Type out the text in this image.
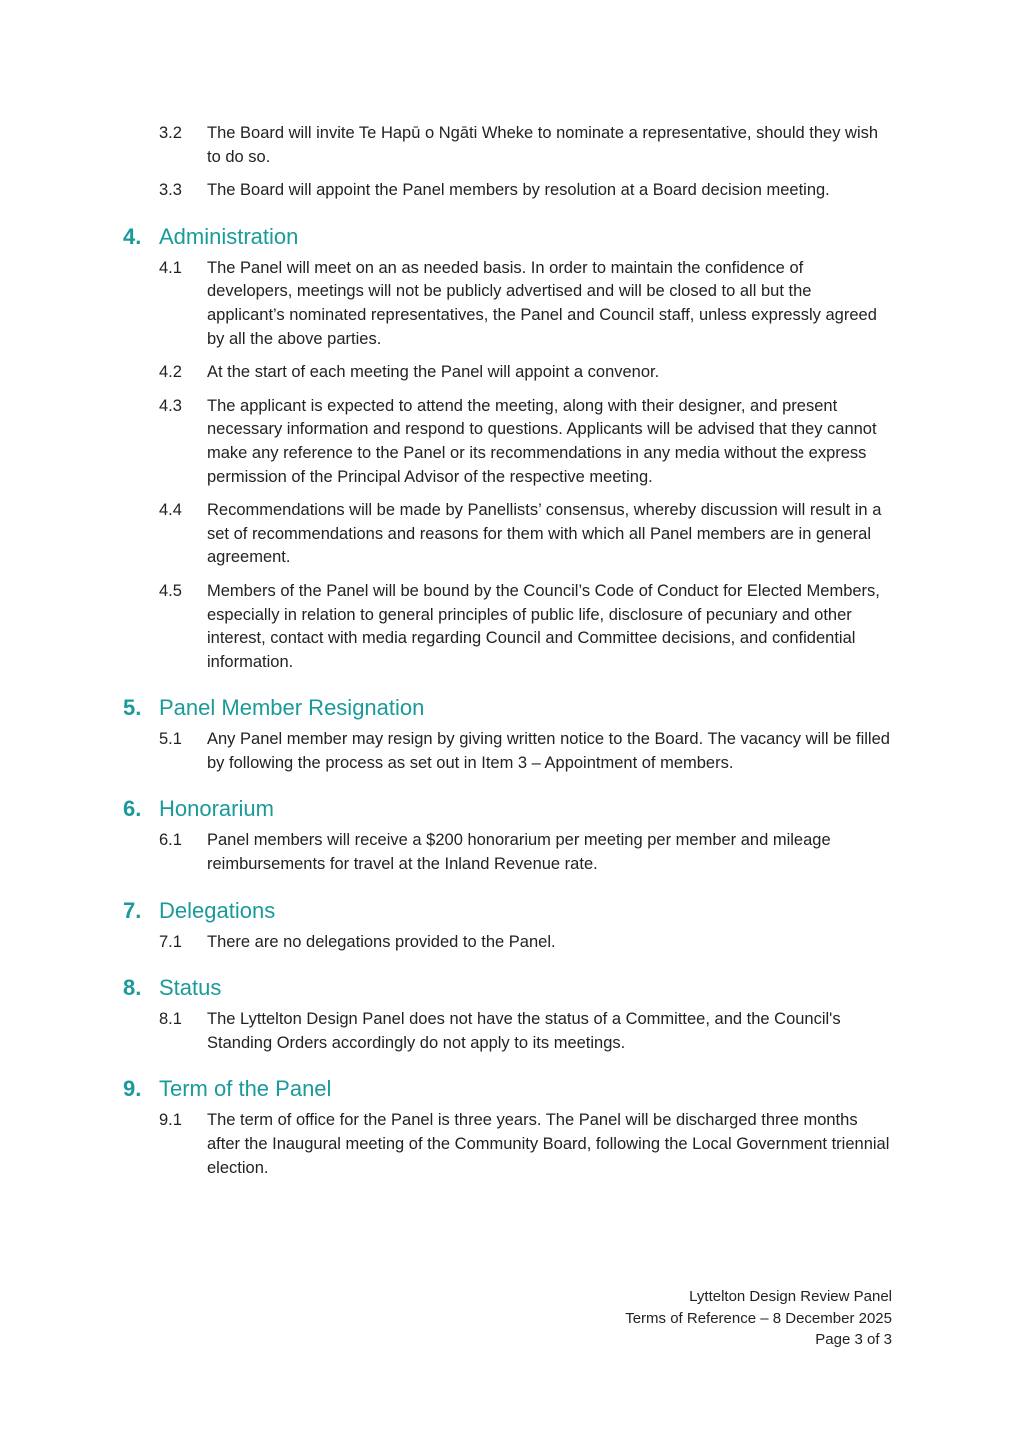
3.2	The Board will invite Te Hapū o Ngāti Wheke to nominate a representative, should they wish to do so.
3.3	The Board will appoint the Panel members by resolution at a Board decision meeting.
4. Administration
4.1	The Panel will meet on an as needed basis. In order to maintain the confidence of developers, meetings will not be publicly advertised and will be closed to all but the applicant’s nominated representatives, the Panel and Council staff, unless expressly agreed by all the above parties.
4.2	At the start of each meeting the Panel will appoint a convenor.
4.3	The applicant is expected to attend the meeting, along with their designer, and present necessary information and respond to questions. Applicants will be advised that they cannot make any reference to the Panel or its recommendations in any media without the express permission of the Principal Advisor of the respective meeting.
4.4	Recommendations will be made by Panellists’ consensus, whereby discussion will result in a set of recommendations and reasons for them with which all Panel members are in general agreement.
4.5	Members of the Panel will be bound by the Council’s Code of Conduct for Elected Members, especially in relation to general principles of public life, disclosure of pecuniary and other interest, contact with media regarding Council and Committee decisions, and confidential information.
5. Panel Member Resignation
5.1	Any Panel member may resign by giving written notice to the Board. The vacancy will be filled by following the process as set out in Item 3 – Appointment of members.
6. Honorarium
6.1	Panel members will receive a $200 honorarium per meeting per member and mileage reimbursements for travel at the Inland Revenue rate.
7. Delegations
7.1	There are no delegations provided to the Panel.
8. Status
8.1	The Lyttelton Design Panel does not have the status of a Committee, and the Council's Standing Orders accordingly do not apply to its meetings.
9. Term of the Panel
9.1	The term of office for the Panel is three years. The Panel will be discharged three months after the Inaugural meeting of the Community Board, following the Local Government triennial election.
Lyttelton Design Review Panel
Terms of Reference – 8 December 2025
Page 3 of 3
